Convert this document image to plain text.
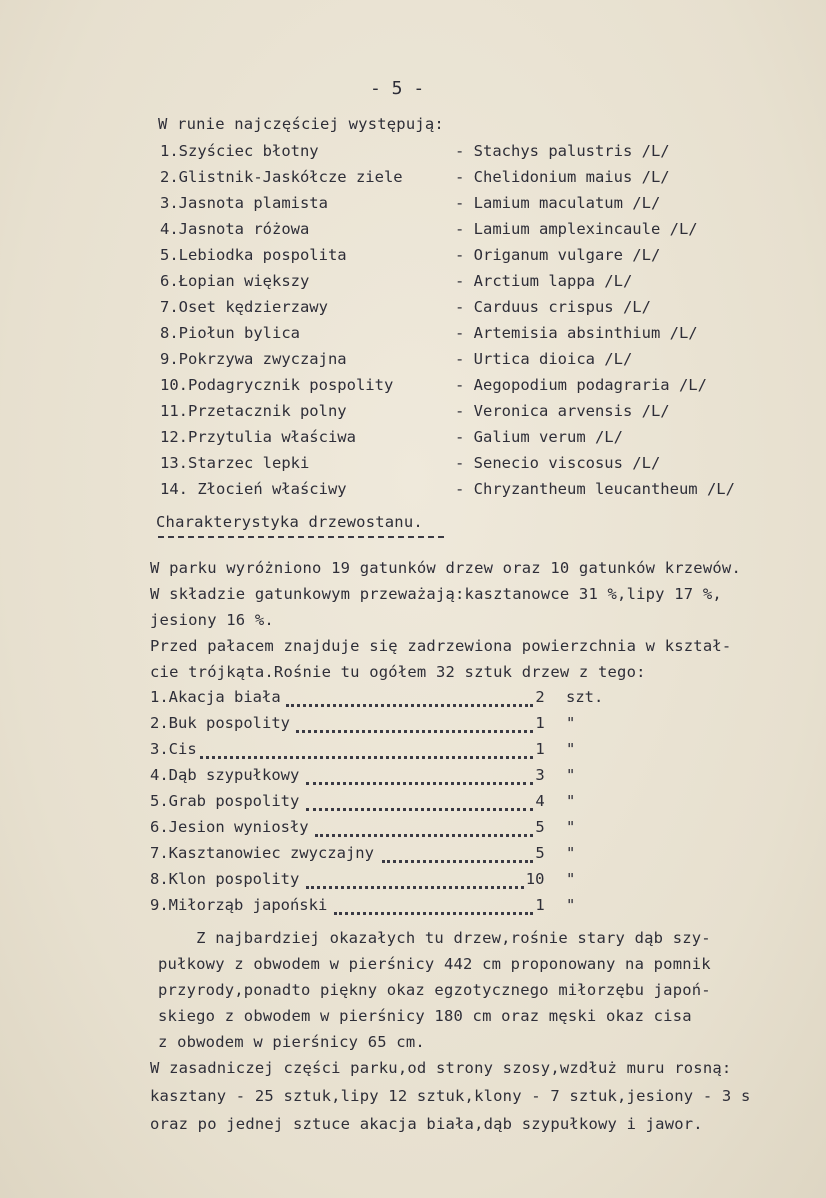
- 5 -
W runie najczęściej występują:
1.Szyściec błotny	- Stachys palustris /L/
2.Glistnik-Jaskółcze ziele	- Chelidonium maius /L/
3.Jasnota plamista	- Lamium maculatum /L/
4.Jasnota różowa	- Lamium amplexincaule /L/
5.Lebiodka pospolita	- Origanum vulgare /L/
6.Łopian większy	- Arctium lappa /L/
7.Oset kędzierzawy	- Carduus crispus /L/
8.Piołun bylica	- Artemisia absinthium /L/
9.Pokrzywa zwyczajna	- Urtica dioica /L/
10.Podagrycznik pospolity	- Aegopodium podagraria /L/
11.Przetacznik polny	- Veronica arvensis /L/
12.Przytulia właściwa	- Galium verum /L/
13.Starzec lepki	- Senecio viscosus /L/
14. Złocień właściwy	- Chryzantheum leucantheum /L/
Charakterystyka drzewostanu.
W parku wyróżniono 19 gatunków drzew oraz 10 gatunków krzewów.
W składzie gatunkowym przeważają:kasztanowce 31 %,lipy 17 %,
jesiony 16 %.
Przed pałacem znajduje się zadrzewiona powierzchnia w kształ-
cie trójkąta.Rośnie tu ogółem 32 sztuk drzew z tego:
1.Akacja biała	2 szt.
2.Buk pospolity	1 "
3.Cis	1 "
4.Dąb szypułkowy	3 "
5.Grab pospolity	4 "
6.Jesion wyniosły	5 "
7.Kasztanowiec zwyczajny	5 "
8.Klon pospolity	10 "
9.Miłorząb japoński	1 "
Z najbardziej okazałych tu drzew,rośnie stary dąb szy-
pułkowy z obwodem w pierśnicy 442 cm proponowany na pomnik
przyrody,ponadto piękny okaz egzotycznego miłorzębu japoń-
skiego z obwodem w pierśnicy 180 cm oraz męski okaz cisa
z obwodem w pierśnicy 65 cm.
W zasadniczej części parku,od strony szosy,wzdłuż muru rosną:
kasztany - 25 sztuk,lipy 12 sztuk,klony - 7 sztuk,jesiony - 3 s
oraz po jednej sztuce akacja biała,dąb szypułkowy i jawor.
